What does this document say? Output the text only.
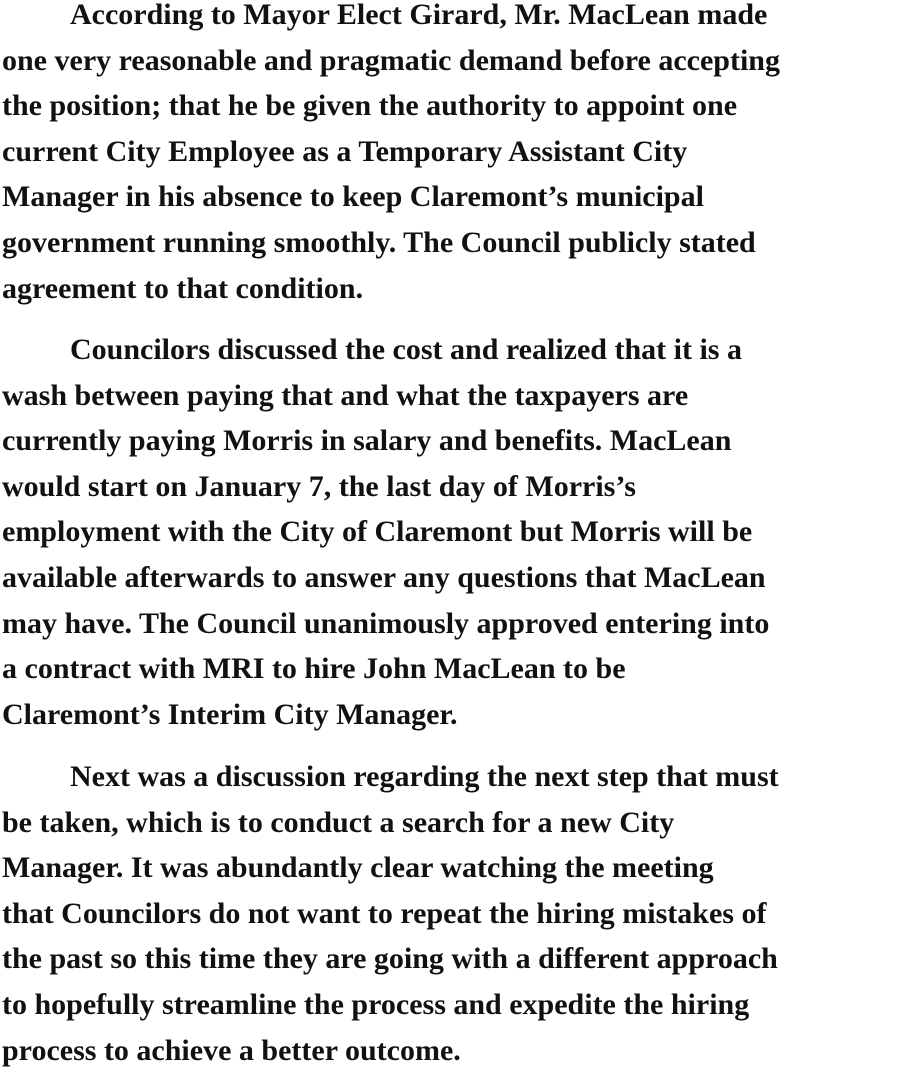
According to Mayor Elect Girard, Mr. MacLean made
one very reasonable and pragmatic demand before accepting
the position; that he be given the authority to appoint one
current City Employee as a Temporary Assistant City
Manager in his absence to keep Claremont’s municipal
government running smoothly. The Council publicly stated
agreement to that condition.

Councilors discussed the cost and realized that it is a
wash between paying that and what the taxpayers are
currently paying Morris in salary and benefits. MacLean
would start on January 7, the last day of Morris’s
employment with the City of Claremont but Morris will be
available afterwards to answer any questions that MacLean
may have. The Council unanimously approved entering into
a contract with MRI to hire John MacLean to be
Claremont’s Interim City Manager.

Next was a discussion regarding the next step that must
be taken, which is to conduct a search for a new City
Manager. It was abundantly clear watching the meeting
that Councilors do not want to repeat the hiring mistakes of
the past so this time they are going with a different approach
to hopefully streamline the process and expedite the hiring
process to achieve a better outcome.
